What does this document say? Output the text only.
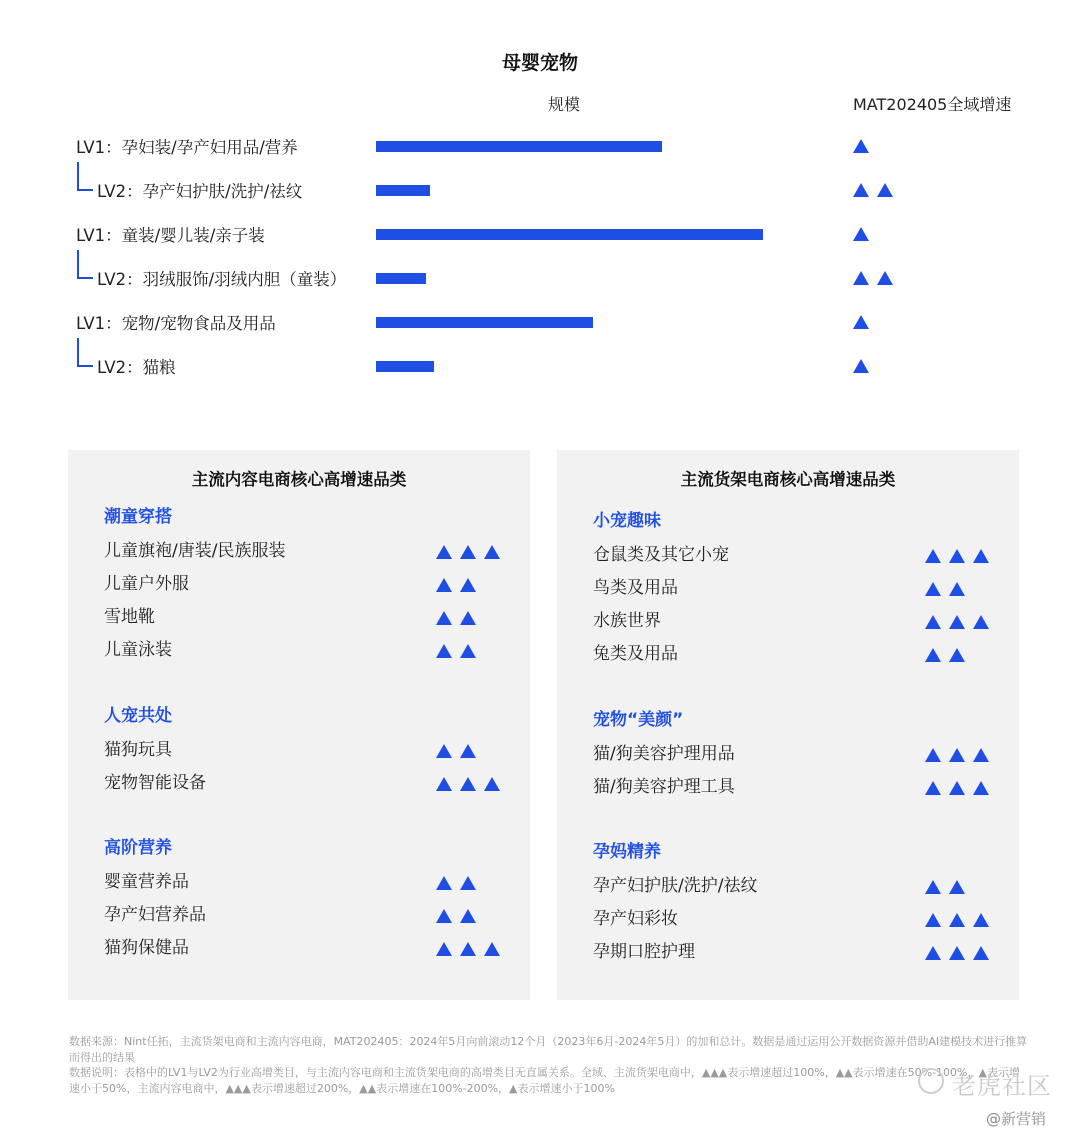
母婴宠物
规模	MAT202405全域增速
LV1：孕妇装/孕产妇用品/营养
LV2：孕产妇护肤/洗护/祛纹
LV1：童装/婴儿装/亲子装
LV2：羽绒服饰/羽绒内胆（童装）
LV1：宠物/宠物食品及用品
LV2：猫粮
主流内容电商核心高增速品类
潮童穿搭
儿童旗袍/唐装/民族服装
儿童户外服
雪地靴
儿童泳装
人宠共处
猫狗玩具
宠物智能设备
高阶营养
婴童营养品
孕产妇营养品
猫狗保健品
主流货架电商核心高增速品类
小宠趣味
仓鼠类及其它小宠
鸟类及用品
水族世界
兔类及用品
宠物“美颜”
猫/狗美容护理用品
猫/狗美容护理工具
孕妈精养
孕产妇护肤/洗护/祛纹
孕产妇彩妆
孕期口腔护理
数据来源：Nint任拓，主流货架电商和主流内容电商，MAT202405：2024年5月向前滚动12个月（2023年6月-2024年5月）的加和总计。数据是通过运用公开数据资源并借助AI建模技术进行推算而得出的结果
数据说明：表格中的LV1与LV2为行业高增类目，与主流内容电商和主流货架电商的高增类目无直属关系。全域、主流货架电商中，▲▲▲表示增速超过100%，▲▲表示增速在50%-100%，▲表示增速小于50%，主流内容电商中，▲▲▲表示增速超过200%，▲▲表示增速在100%-200%，▲表示增速小于100%	老虎社区
@新营销
